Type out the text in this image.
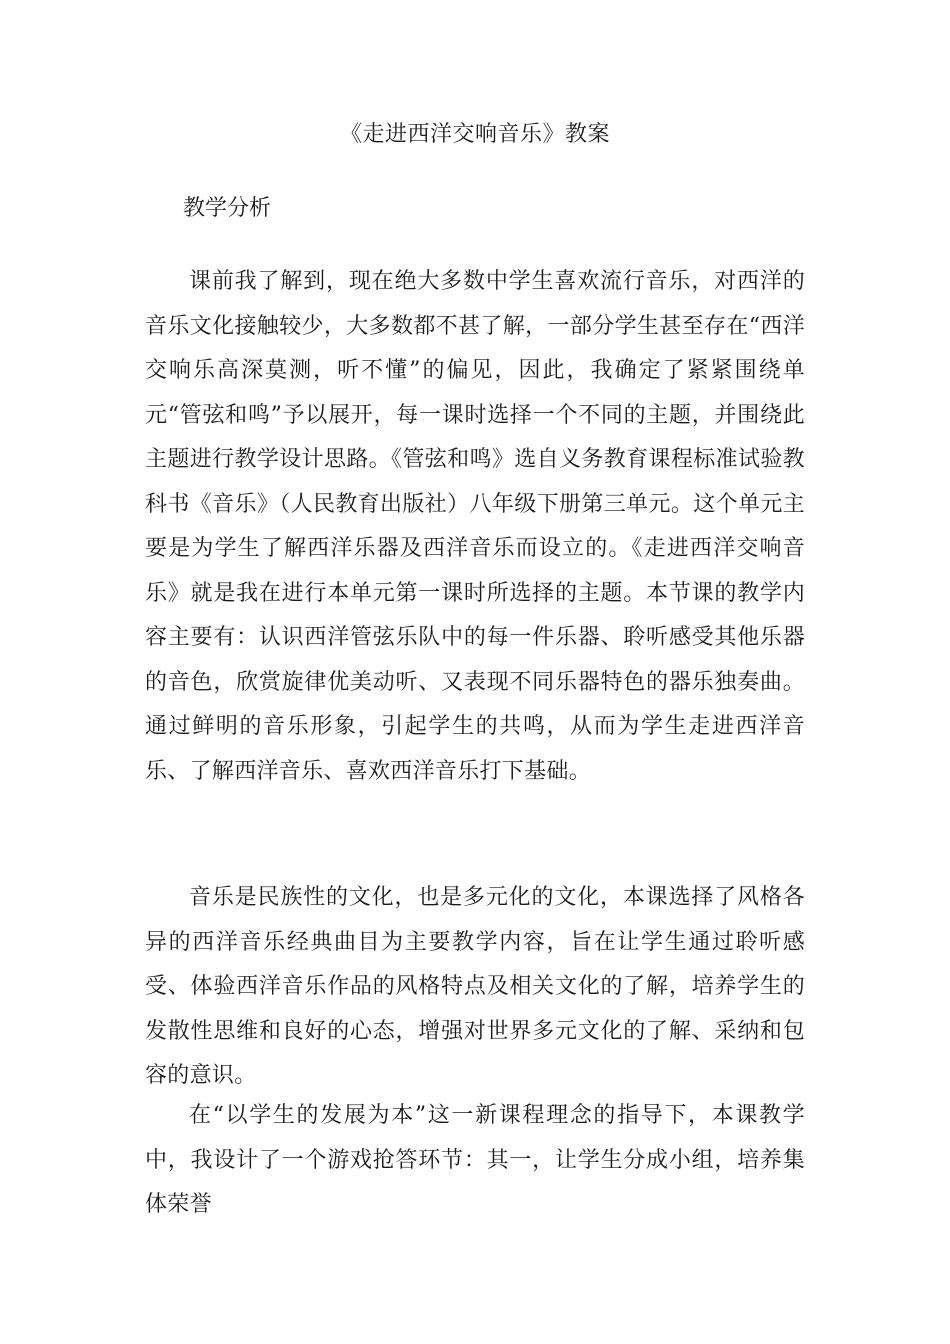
《走进西洋交响音乐》教案
教学分析

课前我了解到，现在绝大多数中学生喜欢流行音乐，对西洋的音乐文化接触较少，大多数都不甚了解，一部分学生甚至存在“西洋交响乐高深莫测，听不懂”的偏见，因此，我确定了紧紧围绕单元“管弦和鸣”予以展开，每一课时选择一个不同的主题，并围绕此主题进行教学设计思路。《管弦和鸣》选自义务教育课程标准试验教科书《音乐》（人民教育出版社）八年级下册第三单元。这个单元主要是为学生了解西洋乐器及西洋音乐而设立的。《走进西洋交响音乐》就是我在进行本单元第一课时所选择的主题。本节课的教学内容主要有：认识西洋管弦乐队中的每一件乐器、聆听感受其他乐器的音色，欣赏旋律优美动听、又表现不同乐器特色的器乐独奏曲。通过鲜明的音乐形象，引起学生的共鸣，从而为学生走进西洋音乐、了解西洋音乐、喜欢西洋音乐打下基础。

音乐是民族性的文化，也是多元化的文化，本课选择了风格各异的西洋音乐经典曲目为主要教学内容，旨在让学生通过聆听感受、体验西洋音乐作品的风格特点及相关文化的了解，培养学生的发散性思维和良好的心态，增强对世界多元文化的了解、采纳和包容的意识。

在“以学生的发展为本”这一新课程理念的指导下，本课教学中，我设计了一个游戏抢答环节：其一，让学生分成小组，培养集体荣誉
